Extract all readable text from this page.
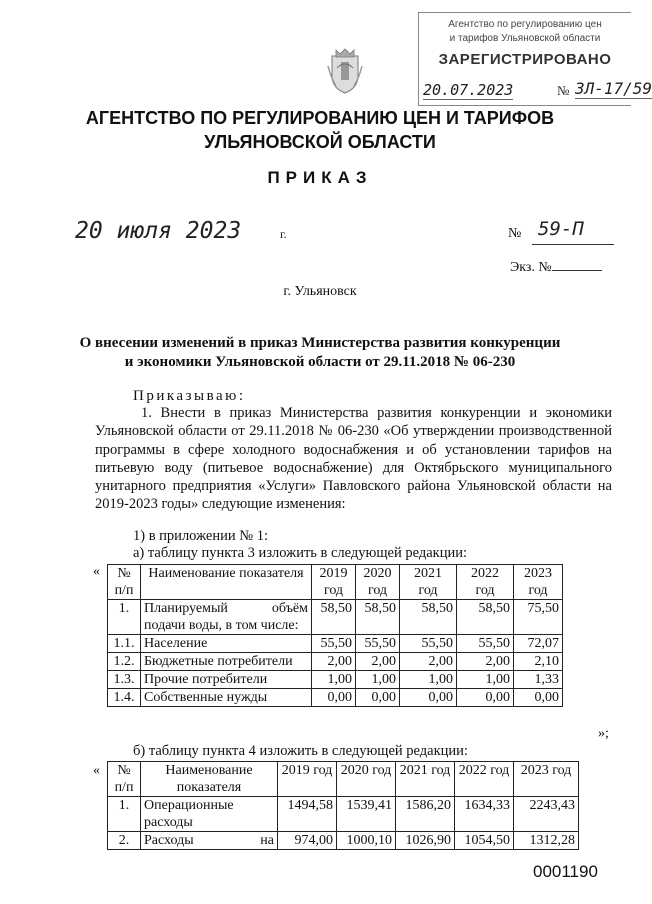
Агентство по регулированию цен
и тарифов Ульяновской области
ЗАРЕГИСТРИРОВАНО
20.07.2023	№ ЗЛ-17/59
АГЕНТСТВО ПО РЕГУЛИРОВАНИЮ ЦЕН И ТАРИФОВ
УЛЬЯНОВСКОЙ ОБЛАСТИ
ПРИКАЗ
20 июля 2023	г.	№ 59-П
Экз. №
г. Ульяновск
О внесении изменений в приказ Министерства развития конкуренции
и экономики Ульяновской области от 29.11.2018 № 06-230
Приказываю:
1. Внести в приказ Министерства развития конкуренции и экономики Ульяновской области от 29.11.2018 № 06-230 «Об утверждении производственной программы в сфере холодного водоснабжения и об установлении тарифов на питьевую воду (питьевое водоснабжение) для Октябрьского муниципального унитарного предприятия «Услуги» Павловского района Ульяновской области на 2019-2023 годы» следующие изменения:
1) в приложении № 1:
а) таблицу пункта 3 изложить в следующей редакции:
« № п/п	Наименование показателя	2019 год	2020 год	2021 год	2022 год	2023 год
1.	Планируемый объём подачи воды, в том числе:	58,50	58,50	58,50	58,50	75,50
1.1.	Население	55,50	55,50	55,50	55,50	72,07
1.2.	Бюджетные потребители	2,00	2,00	2,00	2,00	2,10
1.3.	Прочие потребители	1,00	1,00	1,00	1,00	1,33
1.4.	Собственные нужды	0,00	0,00	0,00	0,00	0,00
»;
б) таблицу пункта 4 изложить в следующей редакции:
« № п/п	Наименование показателя	2019 год	2020 год	2021 год	2022 год	2023 год
1.	Операционные расходы	1494,58	1539,41	1586,20	1634,33	2243,43
2.	Расходы на	974,00	1000,10	1026,90	1054,50	1312,28
0001190
